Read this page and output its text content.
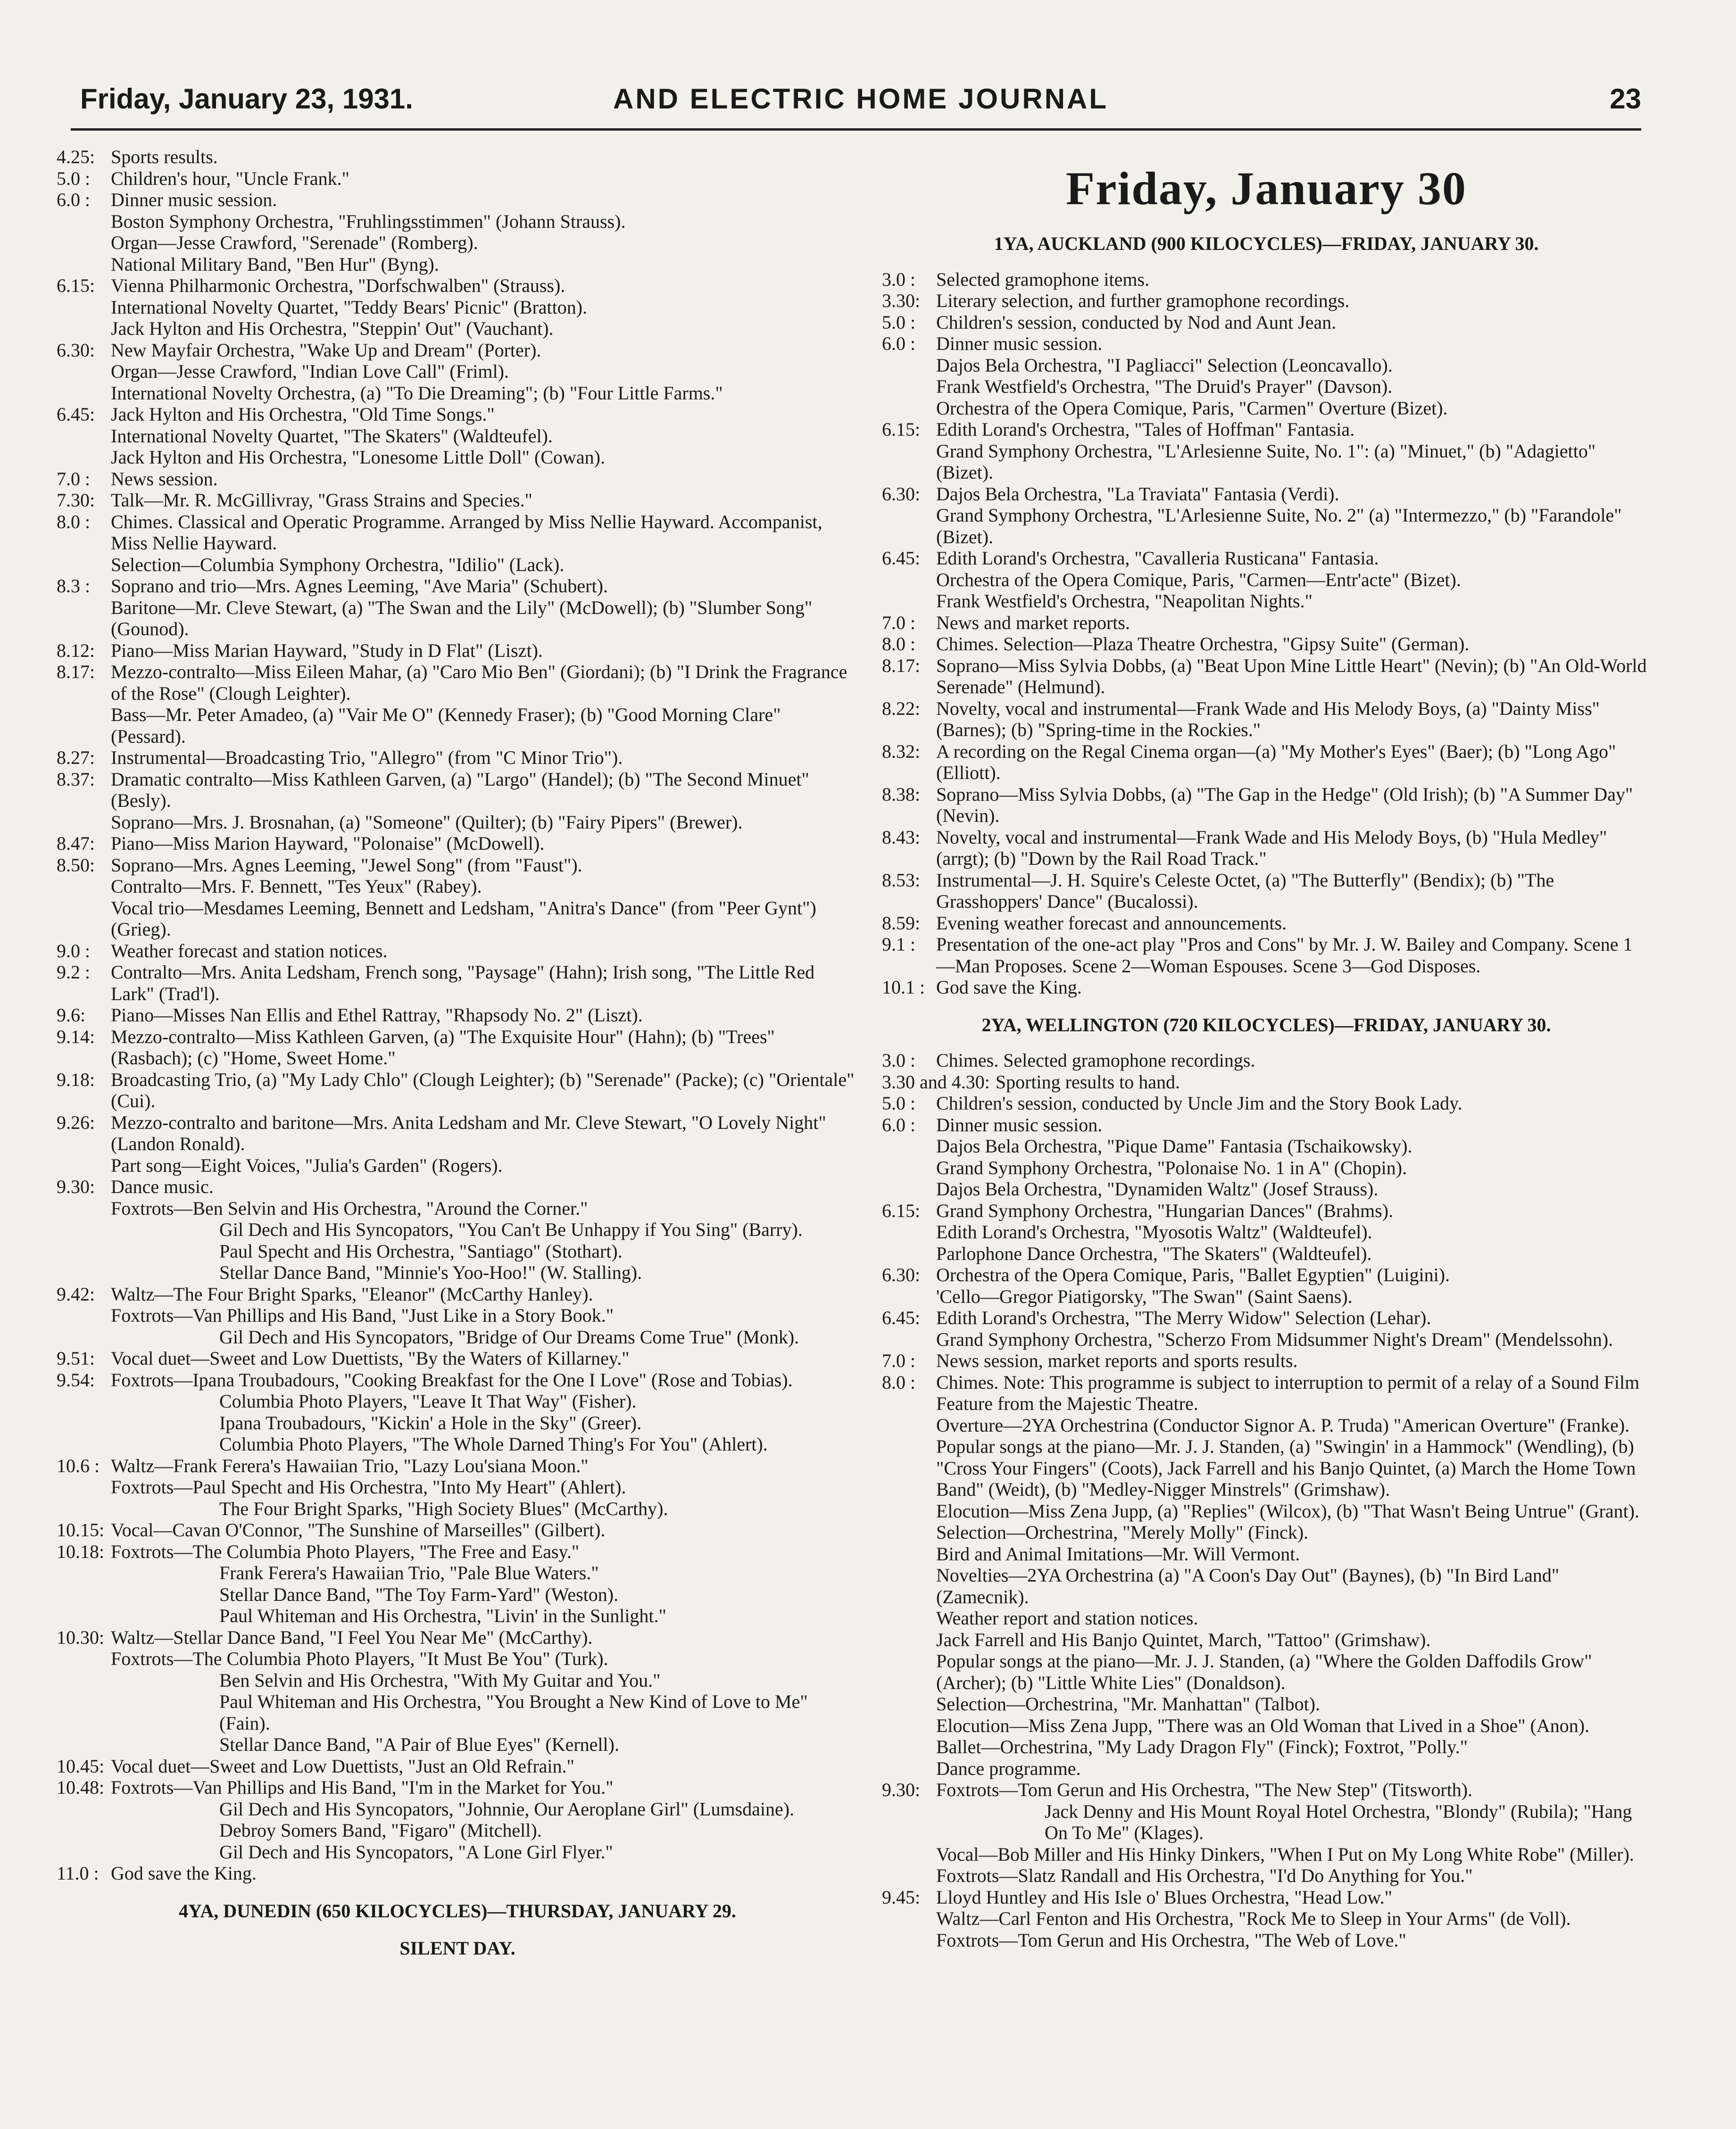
Friday, January 23, 1931.	AND ELECTRIC HOME JOURNAL	23
4.25: Sports results.
5.0 :	Children's hour, "Uncle Frank."
6.0 :	Dinner music session.
Boston Symphony Orchestra, "Fruhlingsstimmen" (Johann Strauss).
Organ—Jesse Crawford, "Serenade" (Romberg).
National Military Band, "Ben Hur" (Byng).
6.15: Vienna Philharmonic Orchestra, "Dorfschwalben" (Strauss).
International Novelty Quartet, "Teddy Bears' Picnic" (Bratton).
Jack Hylton and His Orchestra, "Steppin' Out" (Vauchant).
6.30: New Mayfair Orchestra, "Wake Up and Dream" (Porter).
Organ—Jesse Crawford, "Indian Love Call" (Friml).
International Novelty Orchestra, (a) "To Die Dreaming"; (b) "Four Little Farms."
6.45: Jack Hylton and His Orchestra, "Old Time Songs."
International Novelty Quartet, "The Skaters" (Waldteufel).
Jack Hylton and His Orchestra, "Lonesome Little Doll" (Cowan).
7.0 :	News session.
7.30: Talk—Mr. R. McGillivray, "Grass Strains and Species."
8.0 :	Chimes. Classical and Operatic Programme. Arranged by Miss Nellie Hayward. Accompanist, Miss Nellie Hayward.
Selection—Columbia Symphony Orchestra, "Idilio" (Lack).
8.3 :	Soprano and trio—Mrs. Agnes Leeming, "Ave Maria" (Schubert).
Baritone—Mr. Cleve Stewart, (a) "The Swan and the Lily" (McDowell); (b) "Slumber Song" (Gounod).
8.12: Piano—Miss Marian Hayward, "Study in D Flat" (Liszt).
8.17: Mezzo-contralto—Miss Eileen Mahar, (a) "Caro Mio Ben" (Giordani); (b) "I Drink the Fragrance of the Rose" (Clough Leighter).
Bass—Mr. Peter Amadeo, (a) "Vair Me O" (Kennedy Fraser); (b) "Good Morning Clare" (Pessard).
8.27: Instrumental—Broadcasting Trio, "Allegro" (from "C Minor Trio").
8.37: Dramatic contralto—Miss Kathleen Garven, (a) "Largo" (Handel); (b) "The Second Minuet" (Besly).
Soprano—Mrs. J. Brosnahan, (a) "Someone" (Quilter); (b) "Fairy Pipers" (Brewer).
8.47: Piano—Miss Marion Hayward, "Polonaise" (McDowell).
8.50: Soprano—Mrs. Agnes Leeming, "Jewel Song" (from "Faust").
Contralto—Mrs. F. Bennett, "Tes Yeux" (Rabey).
Vocal trio—Mesdames Leeming, Bennett and Ledsham, "Anitra's Dance" (from "Peer Gynt") (Grieg).
9.0 :	Weather forecast and station notices.
9.2 :	Contralto—Mrs. Anita Ledsham, French song, "Paysage" (Hahn); Irish song, "The Little Red Lark" (Trad'l).
9.6:	Piano—Misses Nan Ellis and Ethel Rattray, "Rhapsody No. 2" (Liszt).
9.14: Mezzo-contralto—Miss Kathleen Garven, (a) "The Exquisite Hour" (Hahn); (b) "Trees" (Rasbach); (c) "Home, Sweet Home."
9.18: Broadcasting Trio, (a) "My Lady Chlo" (Clough Leighter); (b) "Serenade" (Packe); (c) "Orientale" (Cui).
9.26: Mezzo-contralto and baritone—Mrs. Anita Ledsham and Mr. Cleve Stewart, "O Lovely Night" (Landon Ronald).
Part song—Eight Voices, "Julia's Garden" (Rogers).
9.30: Dance music.
Foxtrots—Ben Selvin and His Orchestra, "Around the Corner."
Gil Dech and His Syncopators, "You Can't Be Unhappy if You Sing" (Barry).
Paul Specht and His Orchestra, "Santiago" (Stothart).
Stellar Dance Band, "Minnie's Yoo-Hoo!" (W. Stalling).
9.42: Waltz—The Four Bright Sparks, "Eleanor" (McCarthy Hanley).
Foxtrots—Van Phillips and His Band, "Just Like in a Story Book."
Gil Dech and His Syncopators, "Bridge of Our Dreams Come True" (Monk).
9.51: Vocal duet—Sweet and Low Duettists, "By the Waters of Killarney."
9.54: Foxtrots—Ipana Troubadours, "Cooking Breakfast for the One I Love" (Rose and Tobias).
Columbia Photo Players, "Leave It That Way" (Fisher).
Ipana Troubadours, "Kickin' a Hole in the Sky" (Greer).
Columbia Photo Players, "The Whole Darned Thing's For You" (Ahlert).
10.6 : Waltz—Frank Ferera's Hawaiian Trio, "Lazy Lou'siana Moon."
Foxtrots—Paul Specht and His Orchestra, "Into My Heart" (Ahlert).
The Four Bright Sparks, "High Society Blues" (McCarthy).
10.15: Vocal—Cavan O'Connor, "The Sunshine of Marseilles" (Gilbert).
10.18: Foxtrots—The Columbia Photo Players, "The Free and Easy."
Frank Ferera's Hawaiian Trio, "Pale Blue Waters."
Stellar Dance Band, "The Toy Farm-Yard" (Weston).
Paul Whiteman and His Orchestra, "Livin' in the Sunlight."
10.30: Waltz—Stellar Dance Band, "I Feel You Near Me" (McCarthy).
Foxtrots—The Columbia Photo Players, "It Must Be You" (Turk).
Ben Selvin and His Orchestra, "With My Guitar and You."
Paul Whiteman and His Orchestra, "You Brought a New Kind of Love to Me" (Fain).
Stellar Dance Band, "A Pair of Blue Eyes" (Kernell).
10.45: Vocal duet—Sweet and Low Duettists, "Just an Old Refrain."
10.48: Foxtrots—Van Phillips and His Band, "I'm in the Market for You."
Gil Dech and His Syncopators, "Johnnie, Our Aeroplane Girl" (Lumsdaine).
Debroy Somers Band, "Figaro" (Mitchell).
Gil Dech and His Syncopators, "A Lone Girl Flyer."
11.0 : God save the King.
4YA, DUNEDIN (650 KILOCYCLES)—THURSDAY, JANUARY 29.
SILENT DAY.
Friday, January 30
1YA, AUCKLAND (900 KILOCYCLES)—FRIDAY, JANUARY 30.
3.0 :	Selected gramophone items.
3.30: Literary selection, and further gramophone recordings.
5.0 :	Children's session, conducted by Nod and Aunt Jean.
6.0 :	Dinner music session.
Dajos Bela Orchestra, "I Pagliacci" Selection (Leoncavallo).
Frank Westfield's Orchestra, "The Druid's Prayer" (Davson).
Orchestra of the Opera Comique, Paris, "Carmen" Overture (Bizet).
6.15: Edith Lorand's Orchestra, "Tales of Hoffman" Fantasia.
Grand Symphony Orchestra, "L'Arlesienne Suite, No. 1": (a) "Minuet," (b) "Adagietto" (Bizet).
6.30: Dajos Bela Orchestra, "La Traviata" Fantasia (Verdi).
Grand Symphony Orchestra, "L'Arlesienne Suite, No. 2" (a) "Intermezzo," (b) "Farandole" (Bizet).
6.45: Edith Lorand's Orchestra, "Cavalleria Rusticana" Fantasia.
Orchestra of the Opera Comique, Paris, "Carmen—Entr'acte" (Bizet).
Frank Westfield's Orchestra, "Neapolitan Nights."
7.0 :	News and market reports.
8.0 :	Chimes. Selection—Plaza Theatre Orchestra, "Gipsy Suite" (German).
8.17: Soprano—Miss Sylvia Dobbs, (a) "Beat Upon Mine Little Heart" (Nevin); (b) "An Old-World Serenade" (Helmund).
8.22: Novelty, vocal and instrumental—Frank Wade and His Melody Boys, (a) "Dainty Miss" (Barnes); (b) "Spring-time in the Rockies."
8.32: A recording on the Regal Cinema organ—(a) "My Mother's Eyes" (Baer); (b) "Long Ago" (Elliott).
8.38: Soprano—Miss Sylvia Dobbs, (a) "The Gap in the Hedge" (Old Irish); (b) "A Summer Day" (Nevin).
8.43: Novelty, vocal and instrumental—Frank Wade and His Melody Boys, (b) "Hula Medley" (arrgt); (b) "Down by the Rail Road Track."
8.53: Instrumental—J. H. Squire's Celeste Octet, (a) "The Butterfly" (Bendix); (b) "The Grasshoppers' Dance" (Bucalossi).
8.59: Evening weather forecast and announcements.
9.1 :	Presentation of the one-act play "Pros and Cons" by Mr. J. W. Bailey and Company. Scene 1—Man Proposes. Scene 2—Woman Espouses. Scene 3—God Disposes.
10.1 : God save the King.
2YA, WELLINGTON (720 KILOCYCLES)—FRIDAY, JANUARY 30.
3.0 :	Chimes. Selected gramophone recordings.
3.30 and 4.30: Sporting results to hand.
5.0 :	Children's session, conducted by Uncle Jim and the Story Book Lady.
6.0 :	Dinner music session.
Dajos Bela Orchestra, "Pique Dame" Fantasia (Tschaikowsky).
Grand Symphony Orchestra, "Polonaise No. 1 in A" (Chopin).
Dajos Bela Orchestra, "Dynamiden Waltz" (Josef Strauss).
6.15: Grand Symphony Orchestra, "Hungarian Dances" (Brahms).
Edith Lorand's Orchestra, "Myosotis Waltz" (Waldteufel).
Parlophone Dance Orchestra, "The Skaters" (Waldteufel).
6.30: Orchestra of the Opera Comique, Paris, "Ballet Egyptien" (Luigini).
'Cello—Gregor Piatigorsky, "The Swan" (Saint Saens).
6.45: Edith Lorand's Orchestra, "The Merry Widow" Selection (Lehar).
Grand Symphony Orchestra, "Scherzo From Midsummer Night's Dream" (Mendelssohn).
7.0 :	News session, market reports and sports results.
8.0 :	Chimes. Note: This programme is subject to interruption to permit of a relay of a Sound Film Feature from the Majestic Theatre.
Overture—2YA Orchestrina (Conductor Signor A. P. Truda) "American Overture" (Franke).
Popular songs at the piano—Mr. J. J. Standen, (a) "Swingin' in a Hammock" (Wendling), (b) "Cross Your Fingers" (Coots), Jack Farrell and his Banjo Quintet, (a) March the Home Town Band" (Weidt), (b) "Medley-Nigger Minstrels" (Grimshaw).
Elocution—Miss Zena Jupp, (a) "Replies" (Wilcox), (b) "That Wasn't Being Untrue" (Grant).
Selection—Orchestrina, "Merely Molly" (Finck).
Bird and Animal Imitations—Mr. Will Vermont.
Novelties—2YA Orchestrina (a) "A Coon's Day Out" (Baynes), (b) "In Bird Land" (Zamecnik).
Weather report and station notices.
Jack Farrell and His Banjo Quintet, March, "Tattoo" (Grimshaw).
Popular songs at the piano—Mr. J. J. Standen, (a) "Where the Golden Daffodils Grow" (Archer); (b) "Little White Lies" (Donaldson).
Selection—Orchestrina, "Mr. Manhattan" (Talbot).
Elocution—Miss Zena Jupp, "There was an Old Woman that Lived in a Shoe" (Anon).
Ballet—Orchestrina, "My Lady Dragon Fly" (Finck); Foxtrot, "Polly."
Dance programme.
9.30: Foxtrots—Tom Gerun and His Orchestra, "The New Step" (Titsworth).
Jack Denny and His Mount Royal Hotel Orchestra, "Blondy" (Rubila); "Hang On To Me" (Klages).
Vocal—Bob Miller and His Hinky Dinkers, "When I Put on My Long White Robe" (Miller).
Foxtrots—Slatz Randall and His Orchestra, "I'd Do Anything for You."
9.45: Lloyd Huntley and His Isle o' Blues Orchestra, "Head Low."
Waltz—Carl Fenton and His Orchestra, "Rock Me to Sleep in Your Arms" (de Voll).
Foxtrots—Tom Gerun and His Orchestra, "The Web of Love."
